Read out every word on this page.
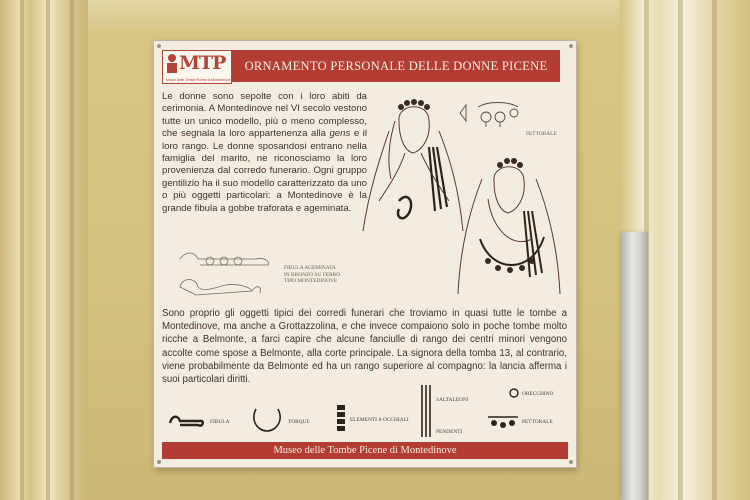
MTP
Museo delle Tombe Picene di Montedinove
ORNAMENTO PERSONALE DELLE DONNE PICENE

Le donne sono sepolte con i loro abiti da cerimonia. A Montedinove nel VI secolo vestono tutte un unico modello, più o meno complesso, che segnala la loro appartenenza alla gens e il loro rango. Le donne sposandosi entrano nella famiglia del marito, ne riconosciamo la loro provenienza dal corredo funerario. Ogni gruppo gentilizio ha il suo modello caratterizzato da uno o più oggetti particolari: a Montedinove è la grande fibula a gobbe traforata e ageminata.

PETTORALE
FIBULA AGEMINATA
IN BRONZO SU FERRO
TIPO MONTEDINOVE

Sono proprio gli oggetti tipici dei corredi funerari che troviamo in quasi tutte le tombe a Montedinove, ma anche a Grottazzolina, e che invece compaiono solo in poche tombe molto ricche a Belmonte, a farci capire che alcune fanciulle di rango dei centri minori vengono accolte come spose a Belmonte, alla corte principale. La signora della tomba 13, al contrario, viene probabilmente da Belmonte ed ha un rango superiore al compagno: la lancia afferma i suoi particolari diritti.

FIBULA	TORQUE	ELEMENTI A OCCHIALI
SALTALEONI
PENDENTI
ORECCHINO
PETTORALE
Museo delle Tombe Picene di Montedinove
